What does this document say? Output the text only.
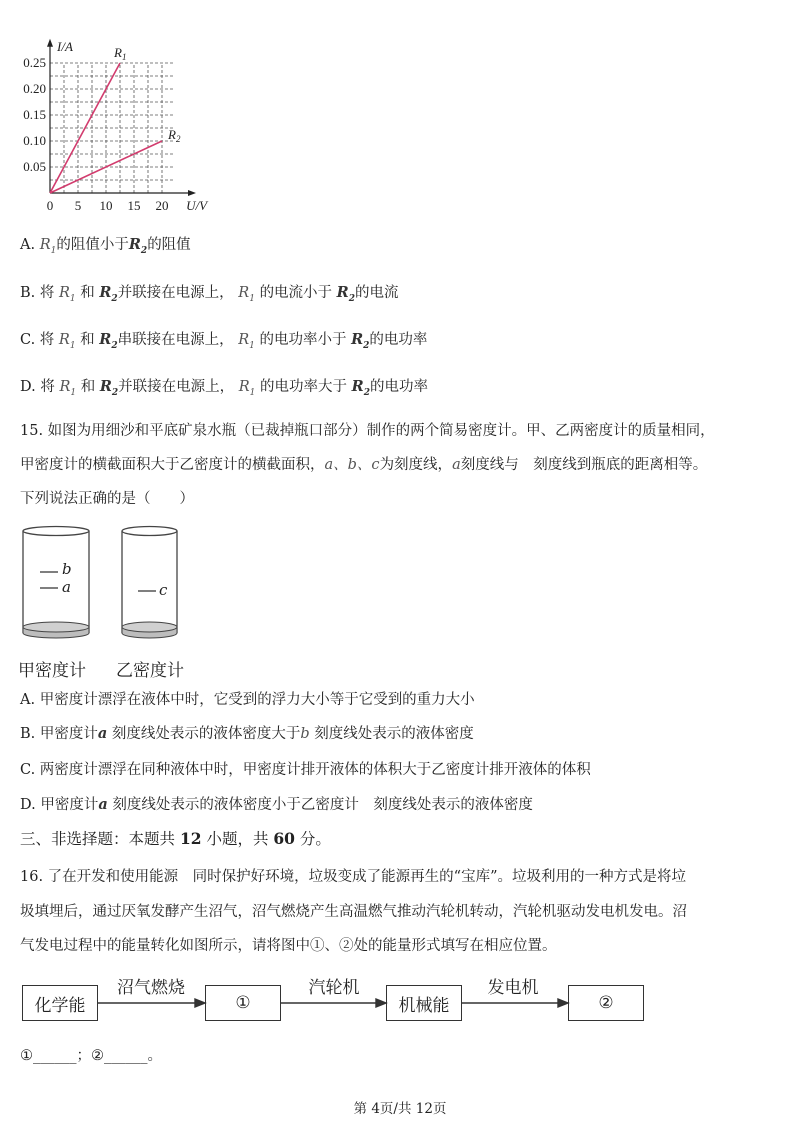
0 5 10 15 20
0.05
0.10
0.15
0.20
0.25
I/A
U/V
$R_1$
$R_2$
A. $R_1$的阻值小于$R_2$的阻值
B. 将 $R_1$ 和 $R_2$并联接在电源上， $R_1$ 的电流小于 $R_2$的电流
C. 将 $R_1$ 和 $R_2$串联接在电源上， $R_1$ 的电功率小于 $R_2$的电功率
D. 将 $R_1$ 和 $R_2$并联接在电源上， $R_1$ 的电功率大于 $R_2$的电功率
15. 如图为用细沙和平底矿泉水瓶（已裁掉瓶口部分）制作的两个简易密度计。甲、乙两密度计的质量相同，
甲密度计的横截面积大于乙密度计的横截面积，a、b、c为刻度线，a刻度线与　刻度线到瓶底的距离相等。
下列说法正确的是（　　）
b
a	c
甲密度计 乙密度计
A. 甲密度计漂浮在液体中时，它受到的浮力大小等于它受到的重力大小
B. 甲密度计a 刻度线处表示的液体密度大于b 刻度线处表示的液体密度
C. 两密度计漂浮在同种液体中时，甲密度计排开液体的体积大于乙密度计排开液体的体积
D. 甲密度计a 刻度线处表示的液体密度小于乙密度计　刻度线处表示的液体密度
三、非选择题：本题共 12 小题，共 60 分。
16. 了在开发和使用能源　同时保护好环境，垃圾变成了能源再生的“宝库”。垃圾利用的一种方式是将垃
圾填埋后，通过厌氧发酵产生沼气，沼气燃烧产生高温燃气推动汽轮机转动，汽轮机驱动发电机发电。沼
气发电过程中的能量转化如图所示，请将图中①、②处的能量形式填写在相应位置。
化学能	①	机械能	②
沼气燃烧	汽轮机	发电机
①______；②______。
第 4页/共 12页
